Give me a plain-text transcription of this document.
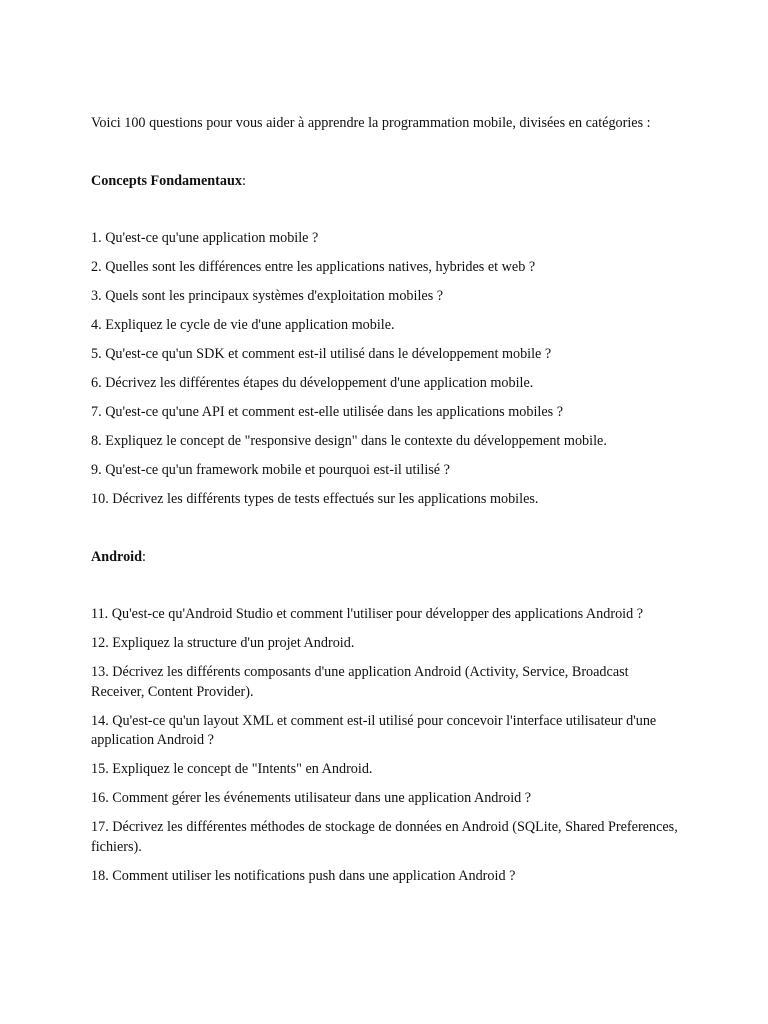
Voici 100 questions pour vous aider à apprendre la programmation mobile, divisées en catégories :

Concepts Fondamentaux:

1. Qu'est-ce qu'une application mobile ?
2. Quelles sont les différences entre les applications natives, hybrides et web ?
3. Quels sont les principaux systèmes d'exploitation mobiles ?
4. Expliquez le cycle de vie d'une application mobile.
5. Qu'est-ce qu'un SDK et comment est-il utilisé dans le développement mobile ?
6. Décrivez les différentes étapes du développement d'une application mobile.
7. Qu'est-ce qu'une API et comment est-elle utilisée dans les applications mobiles ?
8. Expliquez le concept de "responsive design" dans le contexte du développement mobile.
9. Qu'est-ce qu'un framework mobile et pourquoi est-il utilisé ?
10. Décrivez les différents types de tests effectués sur les applications mobiles.

Android:

11. Qu'est-ce qu'Android Studio et comment l'utiliser pour développer des applications Android ?
12. Expliquez la structure d'un projet Android.
13. Décrivez les différents composants d'une application Android (Activity, Service, Broadcast Receiver, Content Provider).
14. Qu'est-ce qu'un layout XML et comment est-il utilisé pour concevoir l'interface utilisateur d'une application Android ?
15. Expliquez le concept de "Intents" en Android.
16. Comment gérer les événements utilisateur dans une application Android ?
17. Décrivez les différentes méthodes de stockage de données en Android (SQLite, Shared Preferences, fichiers).
18. Comment utiliser les notifications push dans une application Android ?
